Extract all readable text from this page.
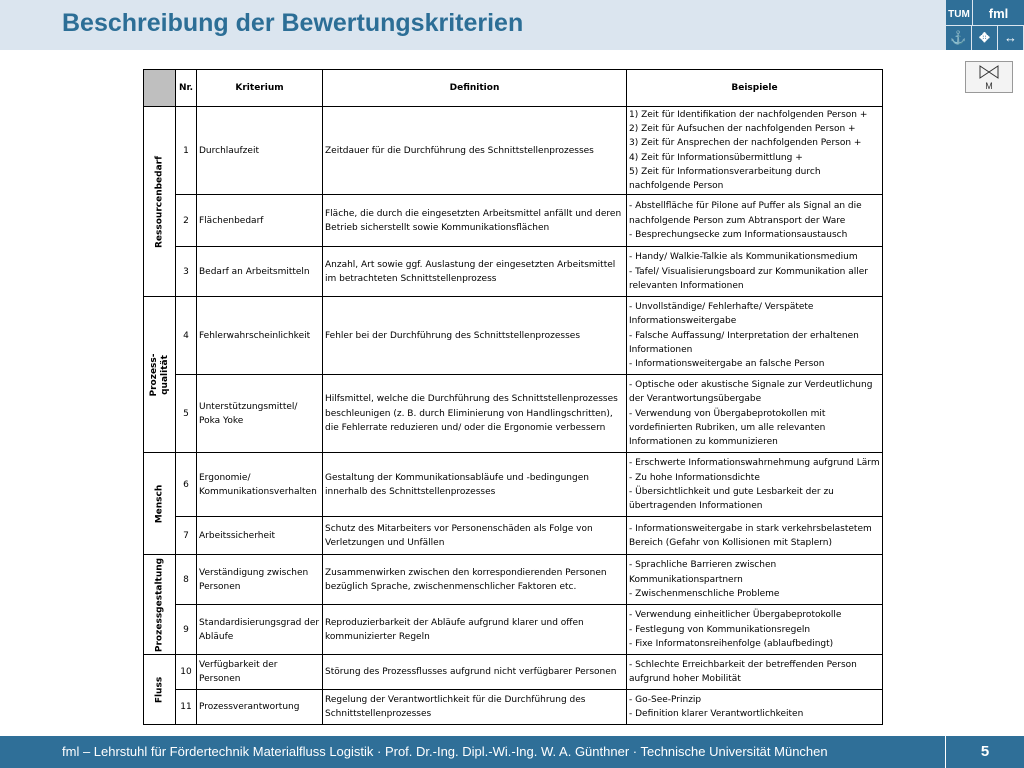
Beschreibung der Bewertungskriterien	TUM	fml
⚓ ✥	↔
M
	Nr.	Kriterium	Definition	Beispiele

Ressourcenbedarf	1	Durchlaufzeit	Zeitdauer für die Durchführung des Schnittstellenprozesses	1) Zeit für Identifikation der nachfolgenden Person +
2) Zeit für Aufsuchen der nachfolgenden Person +
3) Zeit für Ansprechen der nachfolgenden Person +
4) Zeit für Informationsübermittlung +
5) Zeit für Informationsverarbeitung durch nachfolgende Person
	2	Flächenbedarf	Fläche, die durch die eingesetzten Arbeitsmittel anfällt und deren Betrieb sicherstellt sowie Kommunikationsflächen	- Abstellfläche für Pilone auf Puffer als Signal an die nachfolgende Person zum Abtransport der Ware
- Besprechungsecke zum Informationsaustausch
	3	Bedarf an Arbeitsmitteln	Anzahl, Art sowie ggf. Auslastung der eingesetzten Arbeitsmittel im betrachteten Schnittstellenprozess	- Handy/ Walkie-Talkie als Kommunikationsmedium
- Tafel/ Visualisierungsboard zur Kommunikation aller relevanten Informationen

Prozess-
qualität	4	Fehlerwahrscheinlichkeit	Fehler bei der Durchführung des Schnittstellenprozesses	- Unvollständige/ Fehlerhafte/ Verspätete Informationsweitergabe
- Falsche Auffassung/ Interpretation der erhaltenen Informationen
- Informationsweitergabe an falsche Person
	5	Unterstützungsmittel/ Poka Yoke	Hilfsmittel, welche die Durchführung des Schnittstellenprozesses beschleunigen (z. B. durch Eliminierung von Handlingschritten), die Fehlerrate reduzieren und/ oder die Ergonomie verbessern	- Optische oder akustische Signale zur Verdeutlichung der Verantwortungsübergabe
- Verwendung von Übergabeprotokollen mit vordefinierten Rubriken, um alle relevanten Informationen zu kommunizieren

Mensch	6	Ergonomie/ Kommunikationsverhalten	Gestaltung der Kommunikationsabläufe und -bedingungen innerhalb des Schnittstellenprozesses	- Erschwerte Informationswahrnehmung aufgrund Lärm
- Zu hohe Informationsdichte
- Übersichtlichkeit und gute Lesbarkeit der zu übertragenden Informationen
	7	Arbeitssicherheit	Schutz des Mitarbeiters vor Personenschäden als Folge von Verletzungen und Unfällen	- Informationsweitergabe in stark verkehrsbelastetem Bereich (Gefahr von Kollisionen mit Staplern)

Prozessgestaltung	8	Verständigung zwischen Personen	Zusammenwirken zwischen den korrespondierenden Personen bezüglich Sprache, zwischenmenschlicher Faktoren etc.	- Sprachliche Barrieren zwischen Kommunikationspartnern
- Zwischenmenschliche Probleme
	9	Standardisierungsgrad der Abläufe	Reproduzierbarkeit der Abläufe aufgrund klarer und offen kommunizierter Regeln	- Verwendung einheitlicher Übergabeprotokolle
- Festlegung von Kommunikationsregeln
- Fixe Informatonsreihenfolge (ablaufbedingt)

Fluss	10	Verfügbarkeit der Personen	Störung des Prozessflusses aufgrund nicht verfügbarer Personen	- Schlechte Erreichbarkeit der betreffenden Person aufgrund hoher Mobilität
	11	Prozessverantwortung	Regelung der Verantwortlichkeit für die Durchführung des Schnittstellenprozesses	- Go-See-Prinzip
- Definition klarer Verantwortlichkeiten
fml – Lehrstuhl für Fördertechnik Materialfluss Logistik · Prof. Dr.-Ing. Dipl.-Wi.-Ing. W. A. Günthner · Technische Universität München	5
